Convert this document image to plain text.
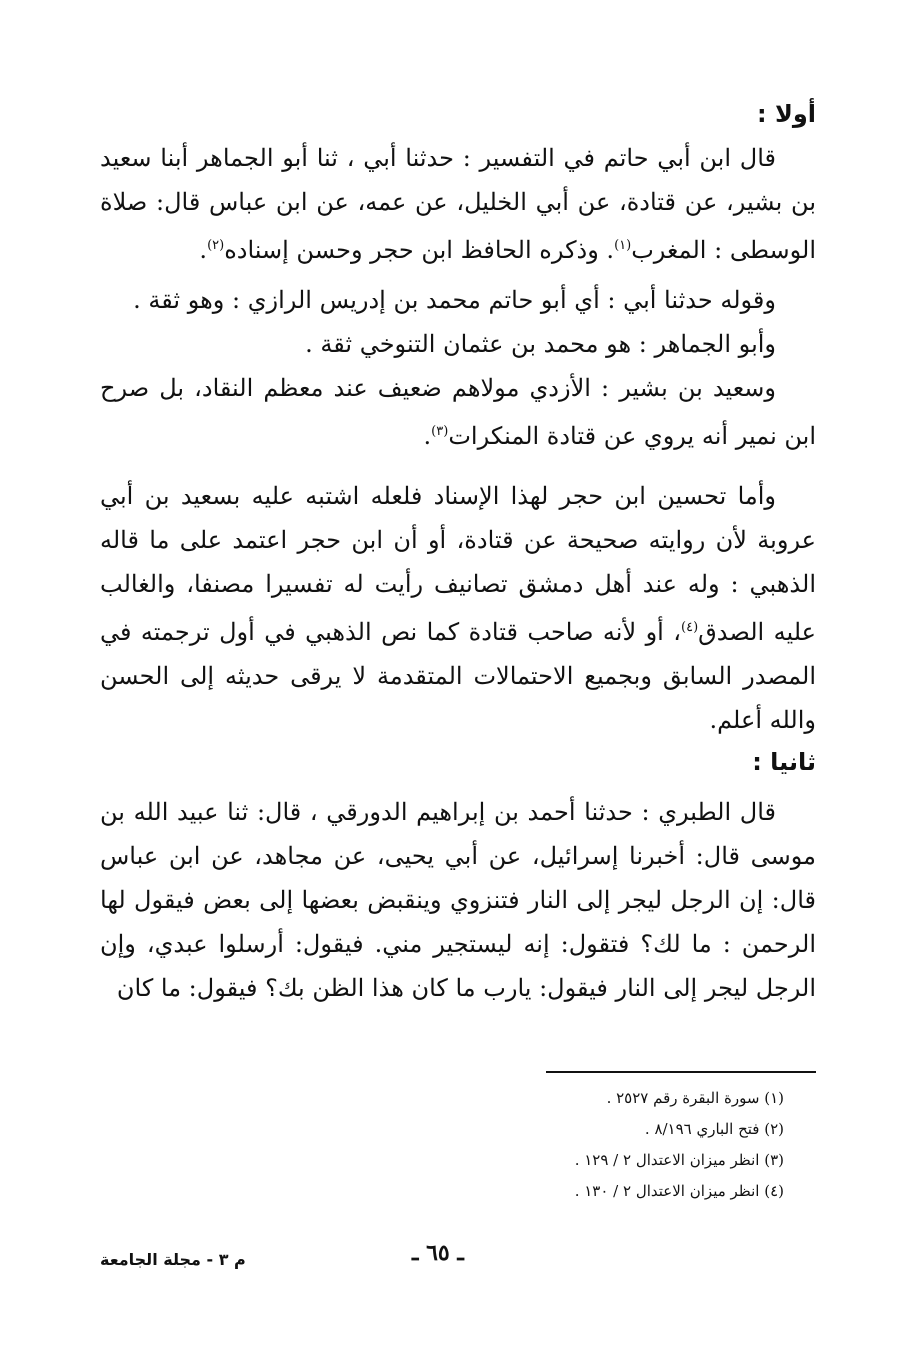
أولا :

قال ابن أبي حاتم في التفسير : حدثنا أبي ، ثنا أبو الجماهر أبنا سعيد بن بشير، عن قتادة، عن أبي الخليل، عن عمه، عن ابن عباس قال: صلاة الوسطى : المغرب$^{(١)}$. وذكره الحافظ ابن حجر وحسن إسناده$^{(٢)}$.

وقوله حدثنا أبي : أي أبو حاتم محمد بن إدريس الرازي : وهو ثقة .

وأبو الجماهر : هو محمد بن عثمان التنوخي ثقة .

وسعيد بن بشير : الأزدي مولاهم ضعيف عند معظم النقاد، بل صرح ابن نمير أنه يروي عن قتادة المنكرات$^{(٣)}$.

وأما تحسين ابن حجر لهذا الإسناد فلعله اشتبه عليه بسعيد بن أبي عروبة لأن روايته صحيحة عن قتادة، أو أن ابن حجر اعتمد على ما قاله الذهبي : وله عند أهل دمشق تصانيف رأيت له تفسيرا مصنفا، والغالب عليه الصدق$^{(٤)}$، أو لأنه صاحب قتادة كما نص الذهبي في أول ترجمته في المصدر السابق وبجميع الاحتمالات المتقدمة لا يرقى حديثه إلى الحسن والله أعلم.

ثانيا :

قال الطبري : حدثنا أحمد بن إبراهيم الدورقي ، قال: ثنا عبيد الله بن موسى قال: أخبرنا إسرائيل، عن أبي يحيى، عن مجاهد، عن ابن عباس قال: إن الرجل ليجر إلى النار فتنزوي وينقبض بعضها إلى بعض فيقول لها الرحمن : ما لك؟ فتقول: إنه ليستجير مني. فيقول: أرسلوا عبدي، وإن الرجل ليجر إلى النار فيقول: يارب ما كان هذا الظن بك؟ فيقول: ما كان

(١) سورة البقرة رقم ٢٥٢٧ .
(٢) فتح الباري ٨/١٩٦ .
(٣) انظر ميزان الاعتدال ٢ / ١٢٩ .
(٤) انظر ميزان الاعتدال ٢ / ١٣٠ .
ـ ٦٥ ـ
م ٣ - مجلة الجامعة
